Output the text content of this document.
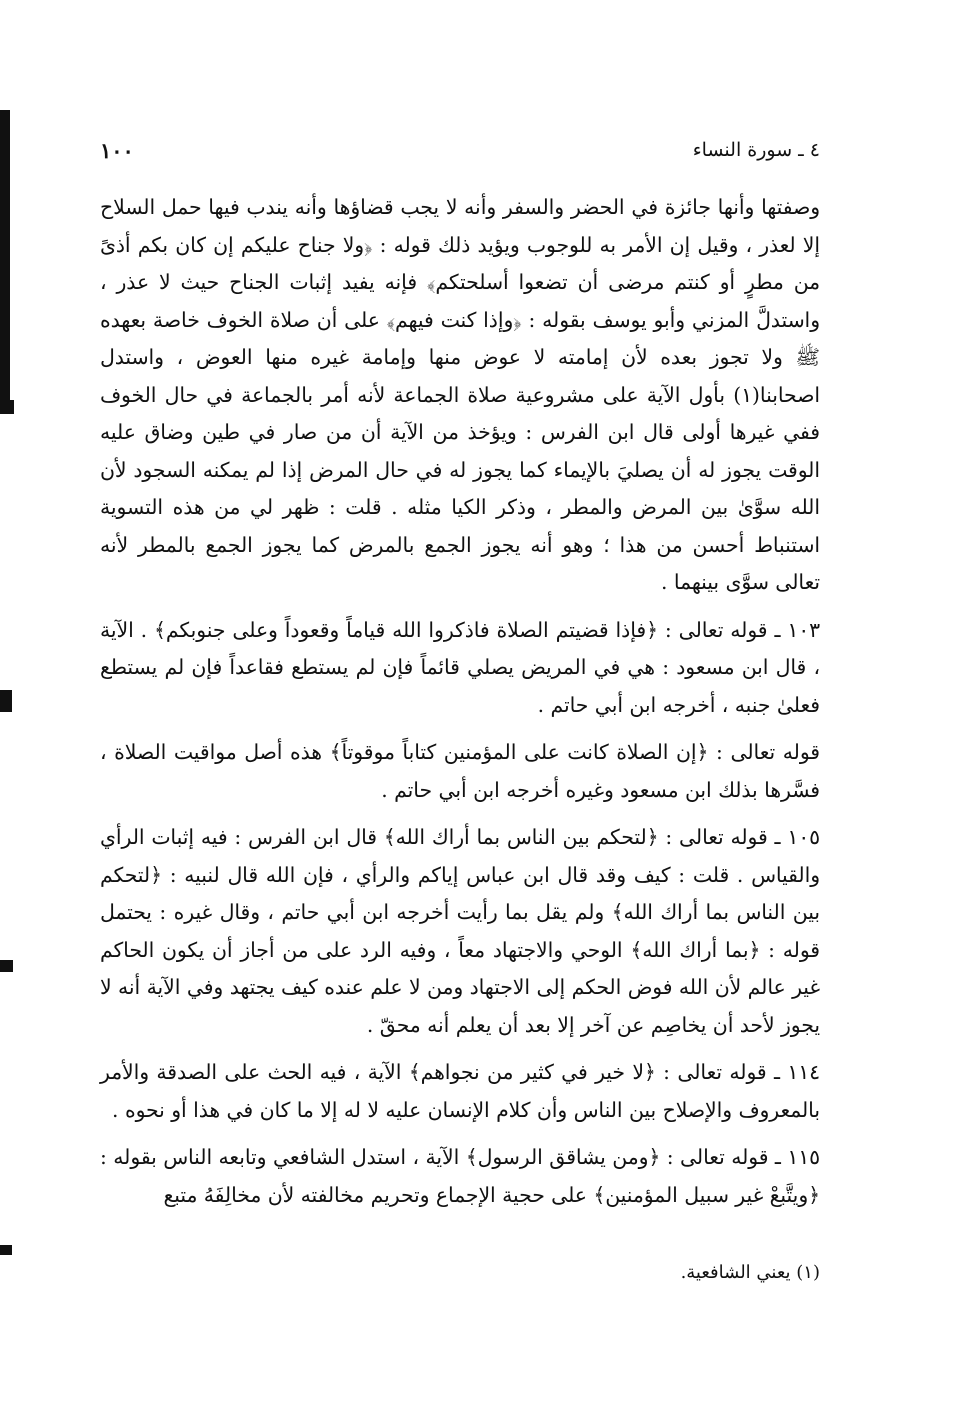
٤ ـ سورة النساء
١٠٠

وصفتها وأنها جائزة في الحضر والسفر وأنه لا يجب قضاؤها وأنه يندب فيها حمل السلاح إلا لعذر ، وقيل إن الأمر به للوجوب ويؤيد ذلك قوله : ﴿ولا جناح عليكم إن كان بكم أذىً من مطرٍ أو كنتم مرضى أن تضعوا أسلحتكم﴾ فإنه يفيد إثبات الجناح حيث لا عذر ، واستدلَّ المزني وأبو يوسف بقوله : ﴿وإذا كنت فيهم﴾ على أن صلاة الخوف خاصة بعهده ﷺ ولا تجوز بعده لأن إمامته لا عوض منها وإمامة غيره منها العوض ، واستدل اصحابنا(١) بأول الآية على مشروعية صلاة الجماعة لأنه أمر بالجماعة في حال الخوف ففي غيرها أولى قال ابن الفرس : ويؤخذ من الآية أن من صار في طين وضاق عليه الوقت يجوز له أن يصليَ بالإيماء كما يجوز له في حال المرض إذا لم يمكنه السجود لأن الله سوَّىٰ بين المرض والمطر ، وذكر الكيا مثله . قلت : ظهر لي من هذه التسوية استنباط أحسن من هذا ؛ وهو أنه يجوز الجمع بالمرض كما يجوز الجمع بالمطر لأنه تعالى سوَّى بينهما .

١٠٣ ـ قوله تعالى : ﴿فإذا قضيتم الصلاة فاذكروا الله قياماً وقعوداً وعلى جنوبكم﴾ . الآية ، قال ابن مسعود : هي في المريض يصلي قائماً فإن لم يستطع فقاعداً فإن لم يستطع فعلىٰ جنبه ، أخرجه ابن أبي حاتم .

قوله تعالى : ﴿إن الصلاة كانت على المؤمنين كتاباً موقوتاً﴾ هذه أصل مواقيت الصلاة ، فسَّرها بذلك ابن مسعود وغيره أخرجه ابن أبي حاتم .

١٠٥ ـ قوله تعالى : ﴿لتحكم بين الناس بما أراك الله﴾ قال ابن الفرس : فيه إثبات الرأي والقياس . قلت : كيف وقد قال ابن عباس إياكم والرأي ، فإن الله قال لنبيه : ﴿لتحكم بين الناس بما أراك الله﴾ ولم يقل بما رأيت أخرجه ابن أبي حاتم ، وقال غيره : يحتمل قوله : ﴿بما أراك الله﴾ الوحي والاجتهاد معاً ، وفيه الرد على من أجاز أن يكون الحاكم غير عالم لأن الله فوض الحكم إلى الاجتهاد ومن لا علم عنده كيف يجتهد وفي الآية أنه لا يجوز لأحد أن يخاصِم عن آخر إلا بعد أن يعلم أنه محقّ .

١١٤ ـ قوله تعالى : ﴿لا خير في كثير من نجواهم﴾ الآية ، فيه الحث على الصدقة والأمر بالمعروف والإصلاح بين الناس وأن كلام الإنسان عليه لا له إلا ما كان في هذا أو نحوه .

١١٥ ـ قوله تعالى : ﴿ومن يشاقق الرسول﴾ الآية ، استدل الشافعي وتابعه الناس بقوله : ﴿ويتَّبعْ غير سبيل المؤمنين﴾ على حجية الإجماع وتحريم مخالفته لأن مخالِفَهُ متبع

(١) يعني الشافعية.
